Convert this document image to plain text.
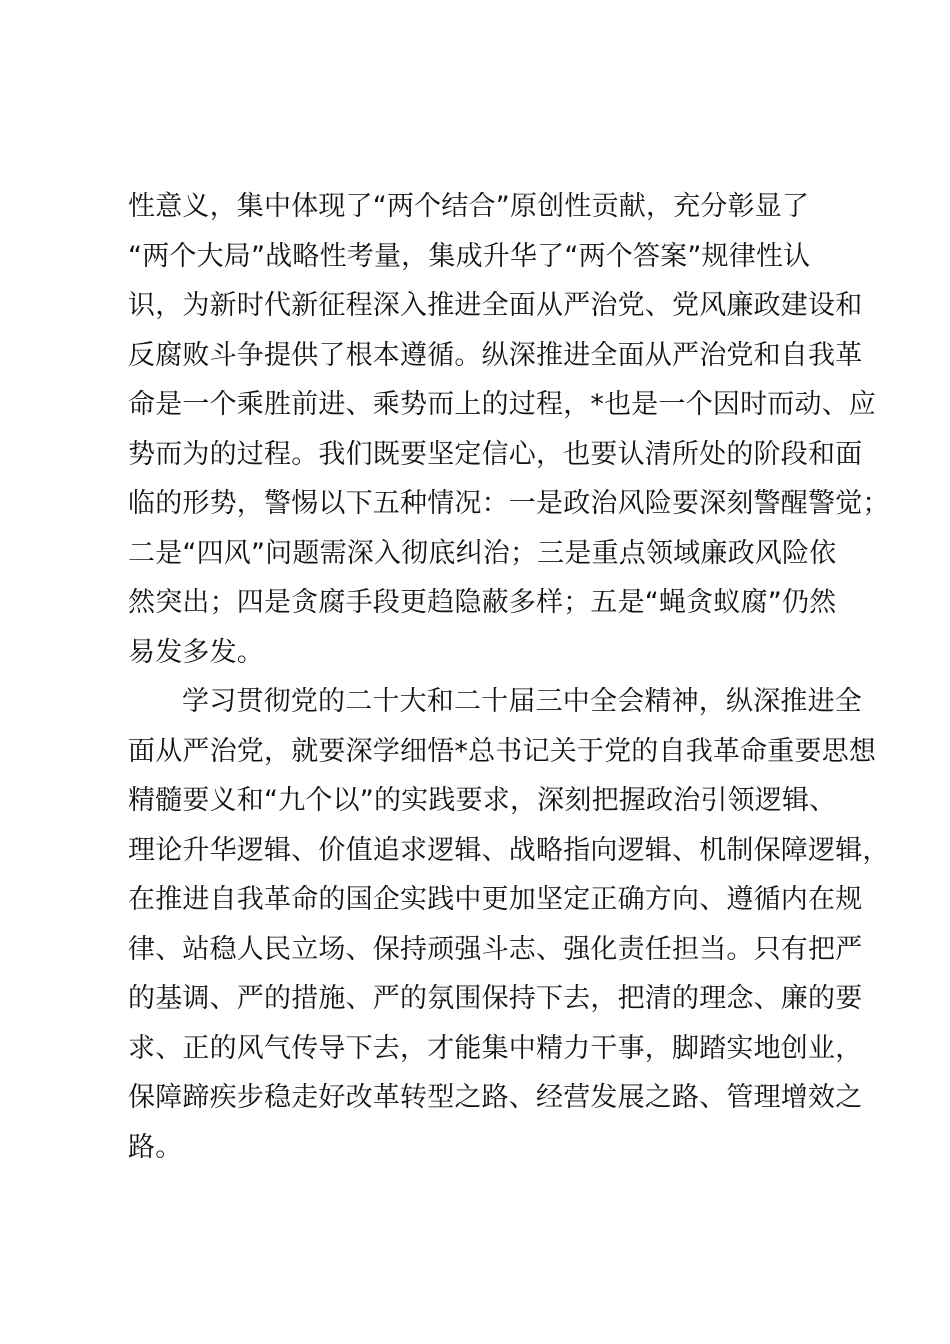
性意义，集中体现了“两个结合”原创性贡献，充分彰显了
“两个大局”战略性考量，集成升华了“两个答案”规律性认
识，为新时代新征程深入推进全面从严治党、党风廉政建设和
反腐败斗争提供了根本遵循。纵深推进全面从严治党和自我革
命是一个乘胜前进、乘势而上的过程，*也是一个因时而动、应
势而为的过程。我们既要坚定信心，也要认清所处的阶段和面
临的形势，警惕以下五种情况：一是政治风险要深刻警醒警觉；
二是“四风”问题需深入彻底纠治；三是重点领域廉政风险依
然突出；四是贪腐手段更趋隐蔽多样；五是“蝇贪蚁腐”仍然
易发多发。
学习贯彻党的二十大和二十届三中全会精神，纵深推进全
面从严治党，就要深学细悟*总书记关于党的自我革命重要思想
精髓要义和“九个以”的实践要求，深刻把握政治引领逻辑、
理论升华逻辑、价值追求逻辑、战略指向逻辑、机制保障逻辑，
在推进自我革命的国企实践中更加坚定正确方向、遵循内在规
律、站稳人民立场、保持顽强斗志、强化责任担当。只有把严
的基调、严的措施、严的氛围保持下去，把清的理念、廉的要
求、正的风气传导下去，才能集中精力干事，脚踏实地创业，
保障蹄疾步稳走好改革转型之路、经营发展之路、管理增效之
路。
